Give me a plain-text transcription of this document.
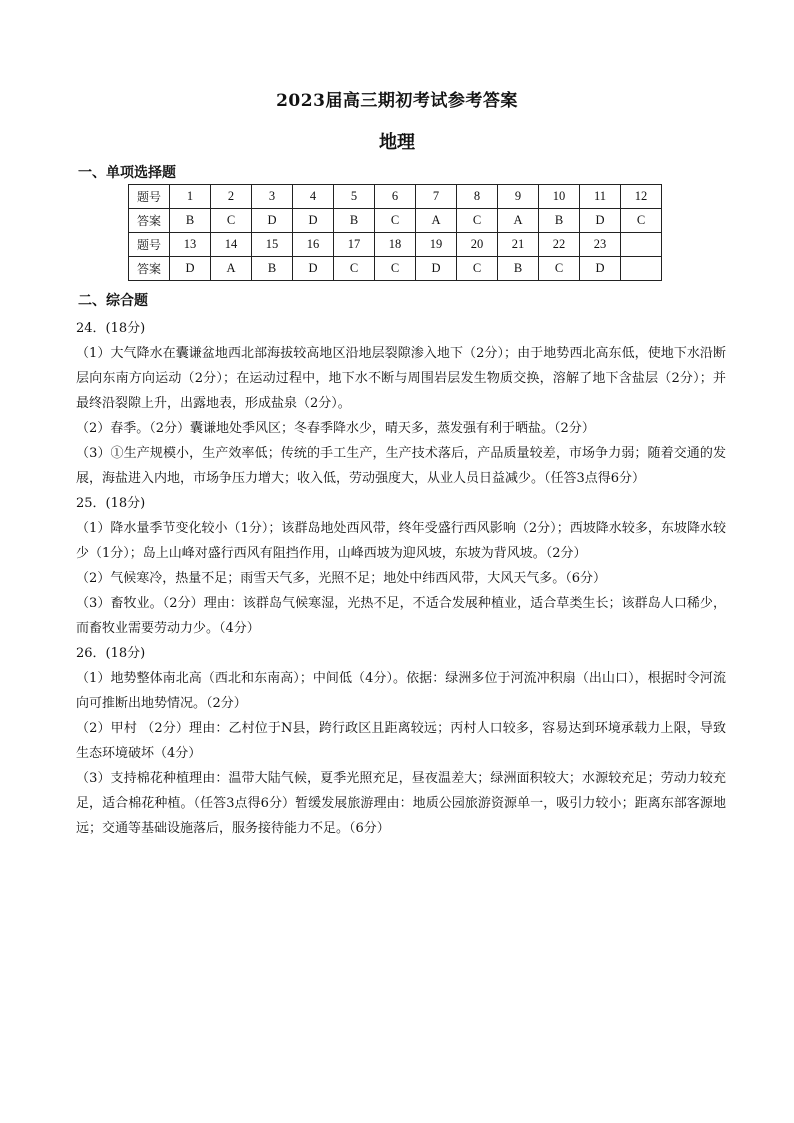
2023届高三期初考试参考答案
地理
一、单项选择题
题号	1	2	3	4	5	6	7	8	9	10	11	12
答案	B	C	D	D	B	C	A	C	A	B	D	C
题号	13	14	15	16	17	18	19	20	21	22	23	
答案	D	A	B	D	C	C	D	C	B	C	D	
二、综合题

24．(18分)

（1）大气降水在囊谦盆地西北部海拔较高地区沿地层裂隙渗入地下（2分）；由于地势西北高东低，使地下水沿断层向东南方向运动（2分）；在运动过程中，地下水不断与周围岩层发生物质交换，溶解了地下含盐层（2分）；并最终沿裂隙上升，出露地表，形成盐泉（2分）。

（2）春季。（2分）囊谦地处季风区；冬春季降水少，晴天多，蒸发强有利于晒盐。（2分）

（3）①生产规模小，生产效率低；传统的手工生产，生产技术落后，产品质量较差，市场争力弱；随着交通的发展，海盐进入内地，市场争压力增大；收入低，劳动强度大，从业人员日益减少。（任答3点得6分）

25．(18分)

（1）降水量季节变化较小（1分）；该群岛地处西风带，终年受盛行西风影响（2分）；西坡降水较多，东坡降水较少（1分）；岛上山峰对盛行西风有阻挡作用，山峰西坡为迎风坡，东坡为背风坡。（2分）

（2）气候寒冷，热量不足；雨雪天气多，光照不足；地处中纬西风带，大风天气多。（6分）

（3）畜牧业。（2分）理由：该群岛气候寒湿，光热不足，不适合发展种植业，适合草类生长；该群岛人口稀少，而畜牧业需要劳动力少。（4分）

26．(18分)

（1）地势整体南北高（西北和东南高）；中间低（4分）。依据：绿洲多位于河流冲积扇（出山口），根据时令河流向可推断出地势情况。（2分）

（2）甲村 （2分）理由：乙村位于N县，跨行政区且距离较远；丙村人口较多，容易达到环境承载力上限，导致生态环境破坏（4分）

（3）支持棉花种植理由：温带大陆气候，夏季光照充足，昼夜温差大；绿洲面积较大；水源较充足；劳动力较充足，适合棉花种植。（任答3点得6分）暂缓发展旅游理由：地质公园旅游资源单一，吸引力较小；距离东部客源地远；交通等基础设施落后，服务接待能力不足。（6分）
